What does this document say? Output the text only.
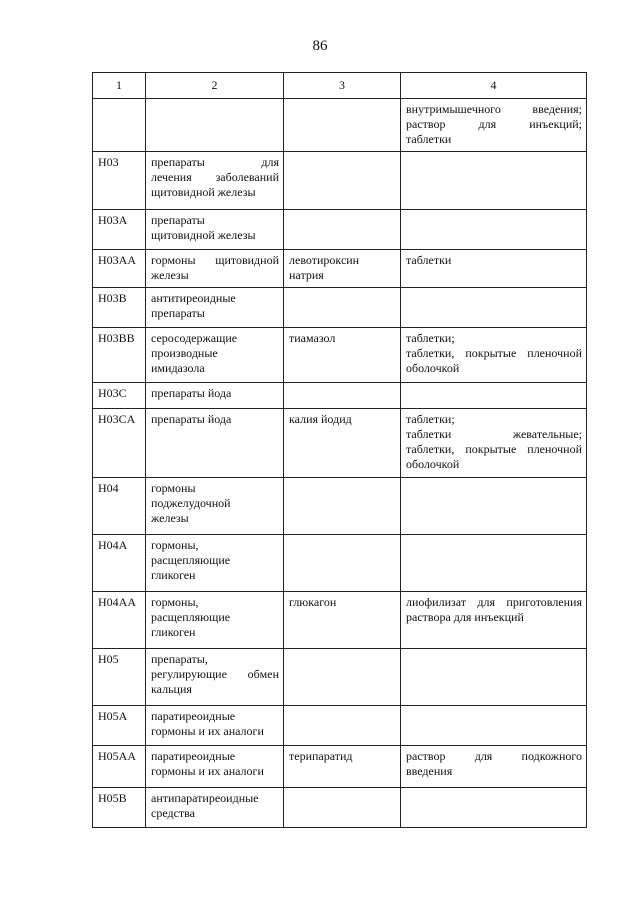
86
1	2	3	4

			внутримышечного введения;
раствор для инъекций;
таблетки

H03	препараты для
лечения заболеваний
щитовидной железы		

H03A	препараты
щитовидной железы		

H03AA	гормоны щитовидной
железы	левотироксин
натрия	таблетки

H03B	антитиреоидные
препараты		

H03BB	серосодержащие
производные
имидазола	тиамазол	таблетки;
таблетки, покрытые пленочной
оболочкой

H03C	препараты йода		

H03CA	препараты йода	калия йодид	таблетки;
таблетки жевательные;
таблетки, покрытые пленочной
оболочкой

H04	гормоны
поджелудочной
железы		

H04A	гормоны,
расщепляющие
гликоген		

H04AA	гормоны,
расщепляющие
гликоген	глюкагон	лиофилизат для приготовления
раствора для инъекций

H05	препараты,
регулирующие обмен
кальция		

H05A	паратиреоидные
гормоны и их аналоги		

H05AA	паратиреоидные
гормоны и их аналоги	терипаратид	раствор для подкожного
введения

H05B	антипаратиреоидные
средства		
